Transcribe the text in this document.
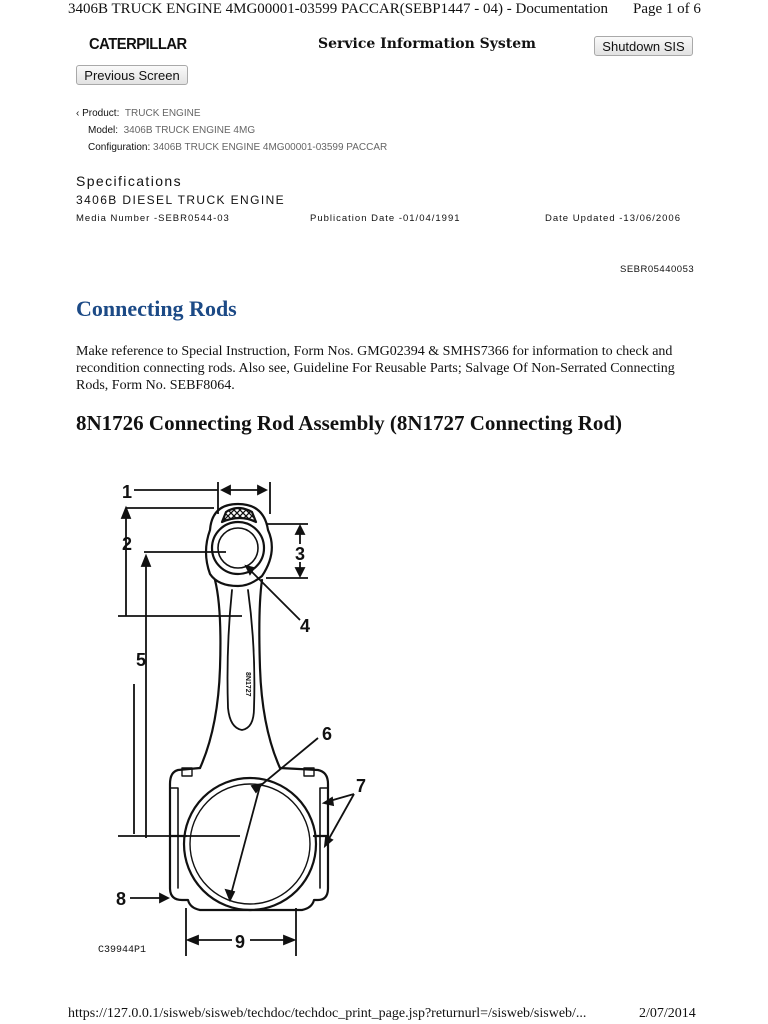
3406B TRUCK ENGINE 4MG00001-03599 PACCAR(SEBP1447 - 04) - Documentation Page 1 of 6
CATERPILLAR	Service Information System	Shutdown SIS
Previous Screen
‹ Product: TRUCK ENGINE
Model: 3406B TRUCK ENGINE 4MG
Configuration: 3406B TRUCK ENGINE 4MG00001-03599 PACCAR
Specifications
3406B DIESEL TRUCK ENGINE
Media Number -SEBR0544-03	Publication Date -01/04/1991	Date Updated -13/06/2006
SEBR05440053
Connecting Rods
Make reference to Special Instruction, Form Nos. GMG02394 & SMHS7366 for information to check and recondition connecting rods. Also see, Guideline For Reusable Parts; Salvage Of Non-Serrated Connecting Rods, Form No. SEBF8064.
8N1726 Connecting Rod Assembly (8N1727 Connecting Rod)
1
2	3
4
5
6
7
8
9
8N1727
C39944P1
https://127.0.0.1/sisweb/sisweb/techdoc/techdoc_print_page.jsp?returnurl=/sisweb/sisweb/...	2/07/2014
